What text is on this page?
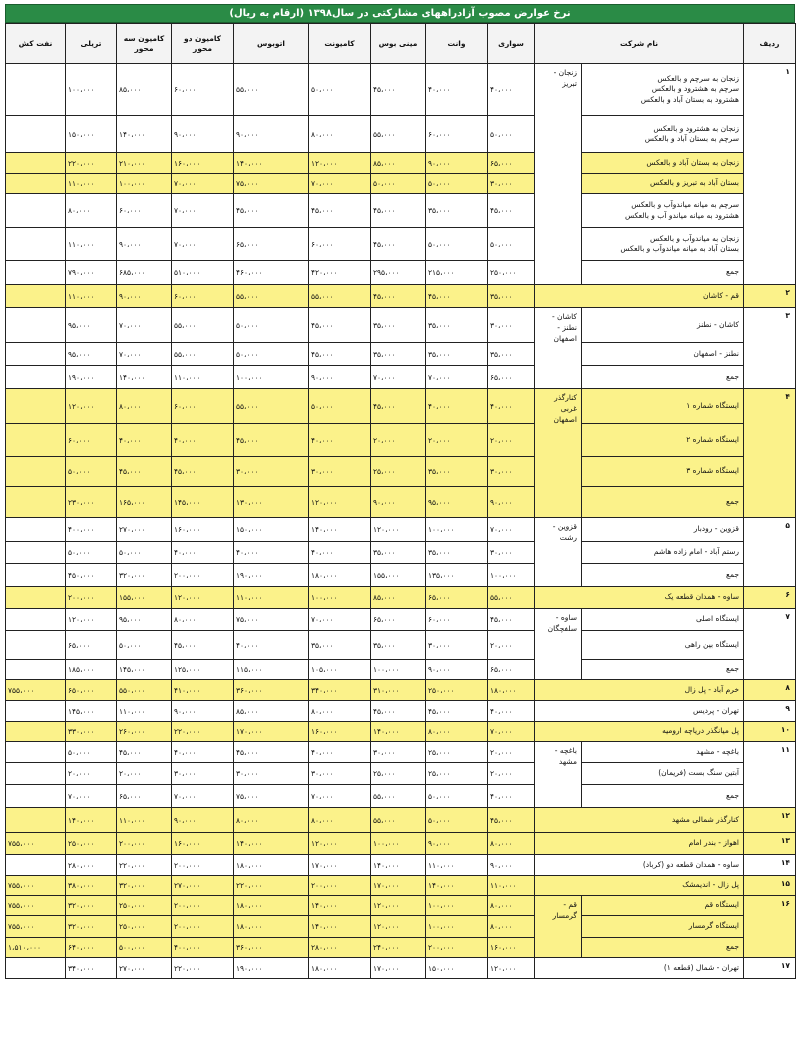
نرخ عوارض مصوب آزادراههای مشارکتی در سال۱۳۹۸ (ارقام به ریال)
ردیف	نام شرکت		سواری	وانت	مینی بوس	کامیونت	اتوبوس	کامیون دو محور	کامیون سه محور	تریلی	نفت کش
۱	زنجان به سرچم و بالعکس
سرچم به هشترود و بالعکس
هشترود به بستان آباد و بالعکس	زنجان - تبریز	۴۰،۰۰۰	۴۰،۰۰۰	۴۵،۰۰۰	۵۰،۰۰۰	۵۵،۰۰۰	۶۰،۰۰۰	۸۵،۰۰۰	۱۰۰،۰۰۰	

	زنجان به هشترود و بالعکس
سرچم به بستان آباد و بالعکس		۵۰،۰۰۰	۶۰،۰۰۰	۵۵،۰۰۰	۸۰،۰۰۰	۹۰،۰۰۰	۹۰،۰۰۰	۱۴۰،۰۰۰	۱۵۰،۰۰۰	
	زنجان به بستان آباد و بالعکس		۶۵،۰۰۰	۹۰،۰۰۰	۸۵،۰۰۰	۱۲۰،۰۰۰	۱۴۰،۰۰۰	۱۶۰،۰۰۰	۲۱۰،۰۰۰	۲۲۰،۰۰۰	
	بستان آباد به تبریز و بالعکس		۳۰،۰۰۰	۵۰،۰۰۰	۵۰،۰۰۰	۷۰،۰۰۰	۷۵،۰۰۰	۷۰،۰۰۰	۱۰۰،۰۰۰	۱۱۰،۰۰۰	

	سرچم به میانه میاندوآب و بالعکس
هشترود به میانه میاندو آب و بالعکس		۴۵،۰۰۰	۳۵،۰۰۰	۴۵،۰۰۰	۴۵،۰۰۰	۴۵،۰۰۰	۷۰،۰۰۰	۶۰،۰۰۰	۸۰،۰۰۰	

	زنجان به میاندوآب و بالعکس
بستان آباد به میانه میاندوآب و بالعکس		۵۰،۰۰۰	۵۰،۰۰۰	۴۵،۰۰۰	۶۰،۰۰۰	۶۵،۰۰۰	۷۰،۰۰۰	۹۰،۰۰۰	۱۱۰،۰۰۰	
	جمع		۲۵۰،۰۰۰	۲۱۵،۰۰۰	۲۹۵،۰۰۰	۴۲۰،۰۰۰	۴۶۰،۰۰۰	۵۱۰،۰۰۰	۶۸۵،۰۰۰	۷۹۰،۰۰۰	
۲	قم - کاشان		۳۵،۰۰۰	۴۵،۰۰۰	۴۵،۰۰۰	۵۵،۰۰۰	۵۵،۰۰۰	۶۰،۰۰۰	۹۰،۰۰۰	۱۱۰،۰۰۰	
۳	کاشان - نطنز	کاشان - نطنز - اصفهان	۳۰،۰۰۰	۳۵،۰۰۰	۳۵،۰۰۰	۴۵،۰۰۰	۵۰،۰۰۰	۵۵،۰۰۰	۷۰،۰۰۰	۹۵،۰۰۰	
	نطنز - اصفهان		۳۵،۰۰۰	۳۵،۰۰۰	۳۵،۰۰۰	۴۵،۰۰۰	۵۰،۰۰۰	۵۵،۰۰۰	۷۰،۰۰۰	۹۵،۰۰۰	
	جمع		۶۵،۰۰۰	۷۰،۰۰۰	۷۰،۰۰۰	۹۰،۰۰۰	۱۰۰،۰۰۰	۱۱۰،۰۰۰	۱۴۰،۰۰۰	۱۹۰،۰۰۰	
۴	ایستگاه شماره ۱	کنارگذر غربی اصفهان	۴۰،۰۰۰	۴۰،۰۰۰	۴۵،۰۰۰	۵۰،۰۰۰	۵۵،۰۰۰	۶۰،۰۰۰	۸۰،۰۰۰	۱۲۰،۰۰۰	
	ایستگاه شماره ۲		۲۰،۰۰۰	۲۰،۰۰۰	۲۰،۰۰۰	۴۰،۰۰۰	۴۵،۰۰۰	۴۰،۰۰۰	۴۰،۰۰۰	۶۰،۰۰۰	
	ایستگاه شماره ۳		۳۰،۰۰۰	۳۵،۰۰۰	۲۵،۰۰۰	۳۰،۰۰۰	۳۰،۰۰۰	۴۵،۰۰۰	۴۵،۰۰۰	۵۰،۰۰۰	
	جمع		۹۰،۰۰۰	۹۵،۰۰۰	۹۰،۰۰۰	۱۲۰،۰۰۰	۱۳۰،۰۰۰	۱۴۵،۰۰۰	۱۶۵،۰۰۰	۲۳۰،۰۰۰	
۵	قزوین - رودبار	قزوین - رشت	۷۰،۰۰۰	۱۰۰،۰۰۰	۱۲۰،۰۰۰	۱۴۰،۰۰۰	۱۵۰،۰۰۰	۱۶۰،۰۰۰	۲۷۰،۰۰۰	۴۰۰،۰۰۰	
	رستم آباد - امام زاده هاشم		۳۰،۰۰۰	۳۵،۰۰۰	۳۵،۰۰۰	۴۰،۰۰۰	۴۰،۰۰۰	۴۰،۰۰۰	۵۰،۰۰۰	۵۰،۰۰۰	
	جمع		۱۰۰،۰۰۰	۱۳۵،۰۰۰	۱۵۵،۰۰۰	۱۸۰،۰۰۰	۱۹۰،۰۰۰	۲۰۰،۰۰۰	۳۲۰،۰۰۰	۴۵۰،۰۰۰	
۶	ساوه - همدان قطعه یک		۵۵،۰۰۰	۶۵،۰۰۰	۸۵،۰۰۰	۱۰۰،۰۰۰	۱۱۰،۰۰۰	۱۲۰،۰۰۰	۱۵۵،۰۰۰	۲۰۰،۰۰۰	
۷	ایستگاه اصلی	ساوه - سلفچگان	۴۵،۰۰۰	۶۰،۰۰۰	۶۵،۰۰۰	۷۰،۰۰۰	۷۵،۰۰۰	۸۰،۰۰۰	۹۵،۰۰۰	۱۲۰،۰۰۰	
	ایستگاه بین راهی		۲۰،۰۰۰	۳۰،۰۰۰	۳۵،۰۰۰	۳۵،۰۰۰	۴۰،۰۰۰	۴۵،۰۰۰	۵۰،۰۰۰	۶۵،۰۰۰	
	جمع		۶۵،۰۰۰	۹۰،۰۰۰	۱۰۰،۰۰۰	۱۰۵،۰۰۰	۱۱۵،۰۰۰	۱۲۵،۰۰۰	۱۴۵،۰۰۰	۱۸۵،۰۰۰	
۸	خرم آباد - پل زال		۱۸۰،۰۰۰	۲۵۰،۰۰۰	۳۱۰،۰۰۰	۳۴۰،۰۰۰	۳۶۰،۰۰۰	۴۱۰،۰۰۰	۵۵۰،۰۰۰	۶۵۰،۰۰۰	۷۵۵،۰۰۰
۹	تهران - پردیس		۴۰،۰۰۰	۴۵،۰۰۰	۴۵،۰۰۰	۸۰،۰۰۰	۸۵،۰۰۰	۹۰،۰۰۰	۱۱۰،۰۰۰	۱۴۵،۰۰۰	
۱۰	پل میانگذر دریاچه ارومیه		۷۰،۰۰۰	۸۰،۰۰۰	۱۴۰،۰۰۰	۱۶۰،۰۰۰	۱۷۰،۰۰۰	۲۲۰،۰۰۰	۲۶۰،۰۰۰	۳۳۰،۰۰۰	
۱۱	باغچه - مشهد	باغچه - مشهد	۲۰،۰۰۰	۲۵،۰۰۰	۳۰،۰۰۰	۴۰،۰۰۰	۴۵،۰۰۰	۴۰،۰۰۰	۴۵،۰۰۰	۵۰،۰۰۰	
	آبتین سنگ بست (فریمان)		۲۰،۰۰۰	۲۵،۰۰۰	۲۵،۰۰۰	۳۰،۰۰۰	۳۰،۰۰۰	۳۰،۰۰۰	۲۰،۰۰۰	۲۰،۰۰۰	
	جمع		۴۰،۰۰۰	۵۰،۰۰۰	۵۵،۰۰۰	۷۰،۰۰۰	۷۵،۰۰۰	۷۰،۰۰۰	۶۵،۰۰۰	۷۰،۰۰۰	
۱۲	کنارگذر شمالی مشهد		۴۵،۰۰۰	۵۰،۰۰۰	۵۵،۰۰۰	۸۰،۰۰۰	۸۰،۰۰۰	۹۰،۰۰۰	۱۱۰،۰۰۰	۱۴۰،۰۰۰	
۱۳	اهواز - بندر امام		۸۰،۰۰۰	۹۰،۰۰۰	۱۰۰،۰۰۰	۱۲۰،۰۰۰	۱۴۰،۰۰۰	۱۶۰،۰۰۰	۲۰۰،۰۰۰	۲۵۰،۰۰۰	۷۵۵،۰۰۰
۱۴	ساوه - همدان قطعه دو (کرباد)		۹۰،۰۰۰	۱۱۰،۰۰۰	۱۴۰،۰۰۰	۱۷۰،۰۰۰	۱۸۰،۰۰۰	۲۰۰،۰۰۰	۲۲۰،۰۰۰	۲۸۰،۰۰۰	
۱۵	پل زال - اندیمشک		۱۱۰،۰۰۰	۱۴۰،۰۰۰	۱۷۰،۰۰۰	۲۰۰،۰۰۰	۲۲۰،۰۰۰	۲۷۰،۰۰۰	۳۲۰،۰۰۰	۳۸۰،۰۰۰	۷۵۵،۰۰۰
۱۶	ایستگاه قم	قم - گرمسار	۸۰،۰۰۰	۱۰۰،۰۰۰	۱۲۰،۰۰۰	۱۴۰،۰۰۰	۱۸۰،۰۰۰	۲۰۰،۰۰۰	۲۵۰،۰۰۰	۳۲۰،۰۰۰	۷۵۵،۰۰۰
	ایستگاه گرمسار		۸۰،۰۰۰	۱۰۰،۰۰۰	۱۲۰،۰۰۰	۱۴۰،۰۰۰	۱۸۰،۰۰۰	۲۰۰،۰۰۰	۲۵۰،۰۰۰	۳۲۰،۰۰۰	۷۵۵،۰۰۰
	جمع		۱۶۰،۰۰۰	۲۰۰،۰۰۰	۲۴۰،۰۰۰	۲۸۰،۰۰۰	۳۶۰،۰۰۰	۴۰۰،۰۰۰	۵۰۰،۰۰۰	۶۴۰،۰۰۰	۱،۵۱۰،۰۰۰
۱۷	تهران - شمال (قطعه ۱)		۱۲۰،۰۰۰	۱۵۰،۰۰۰	۱۷۰،۰۰۰	۱۸۰،۰۰۰	۱۹۰،۰۰۰	۲۲۰،۰۰۰	۲۷۰،۰۰۰	۳۴۰،۰۰۰	
